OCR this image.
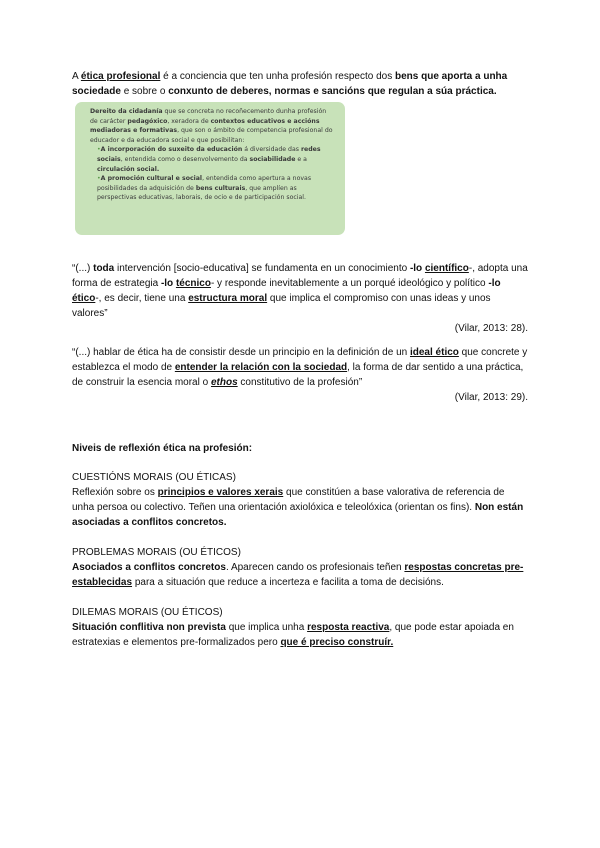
A ética profesional é a conciencia que ten unha profesión respecto dos bens que aporta a unha sociedade e sobre o conxunto de deberes, normas e sancións que regulan a súa práctica.

Dereito da cidadanía que se concreta no recoñecemento dunha profesión de carácter pedagóxico, xeradora de contextos educativos e accións mediadoras e formativas, que son o ámbito de competencia profesional do educador e da educadora social e que posibilitan:
•A incorporación do suxeito da educación á diversidade das redes sociais, entendida como o desenvolvemento da sociabilidade e a circulación social.
•A promoción cultural e social, entendida como apertura a novas posibilidades da adquisición de bens culturais, que amplíen as perspectivas educativas, laborais, de ocio e de participación social.

“(...) toda intervención [socio-educativa] se fundamenta en un conocimiento -lo científico-, adopta una forma de estrategia -lo técnico- y responde inevitablemente a un porqué ideológico y político -lo ético-, es decir, tiene una estructura moral que implica el compromiso con unas ideas y unos valores”

(Vilar, 2013: 28).

“(...) hablar de ética ha de consistir desde un principio en la definición de un ideal ético que concrete y establezca el modo de entender la relación con la sociedad, la forma de dar sentido a una práctica, de construir la esencia moral o ethos constitutivo de la profesión”

(Vilar, 2013: 29).

Niveis de reflexión ética na profesión:

CUESTIÓNS MORAIS (OU ÉTICAS)

Reflexión sobre os principios e valores xerais que constitúen a base valorativa de referencia de unha persoa ou colectivo. Teñen una orientación axiolóxica e teleolóxica (orientan os fins). Non están asociadas a conflitos concretos.

PROBLEMAS MORAIS (OU ÉTICOS)

Asociados a conflitos concretos. Aparecen cando os profesionais teñen respostas concretas pre-establecidas para a situación que reduce a incerteza e facilita a toma de decisións.

DILEMAS MORAIS (OU ÉTICOS)

Situación conflitiva non prevista que implica unha resposta reactiva, que pode estar apoiada en estratexias e elementos pre-formalizados pero que é preciso construír.
